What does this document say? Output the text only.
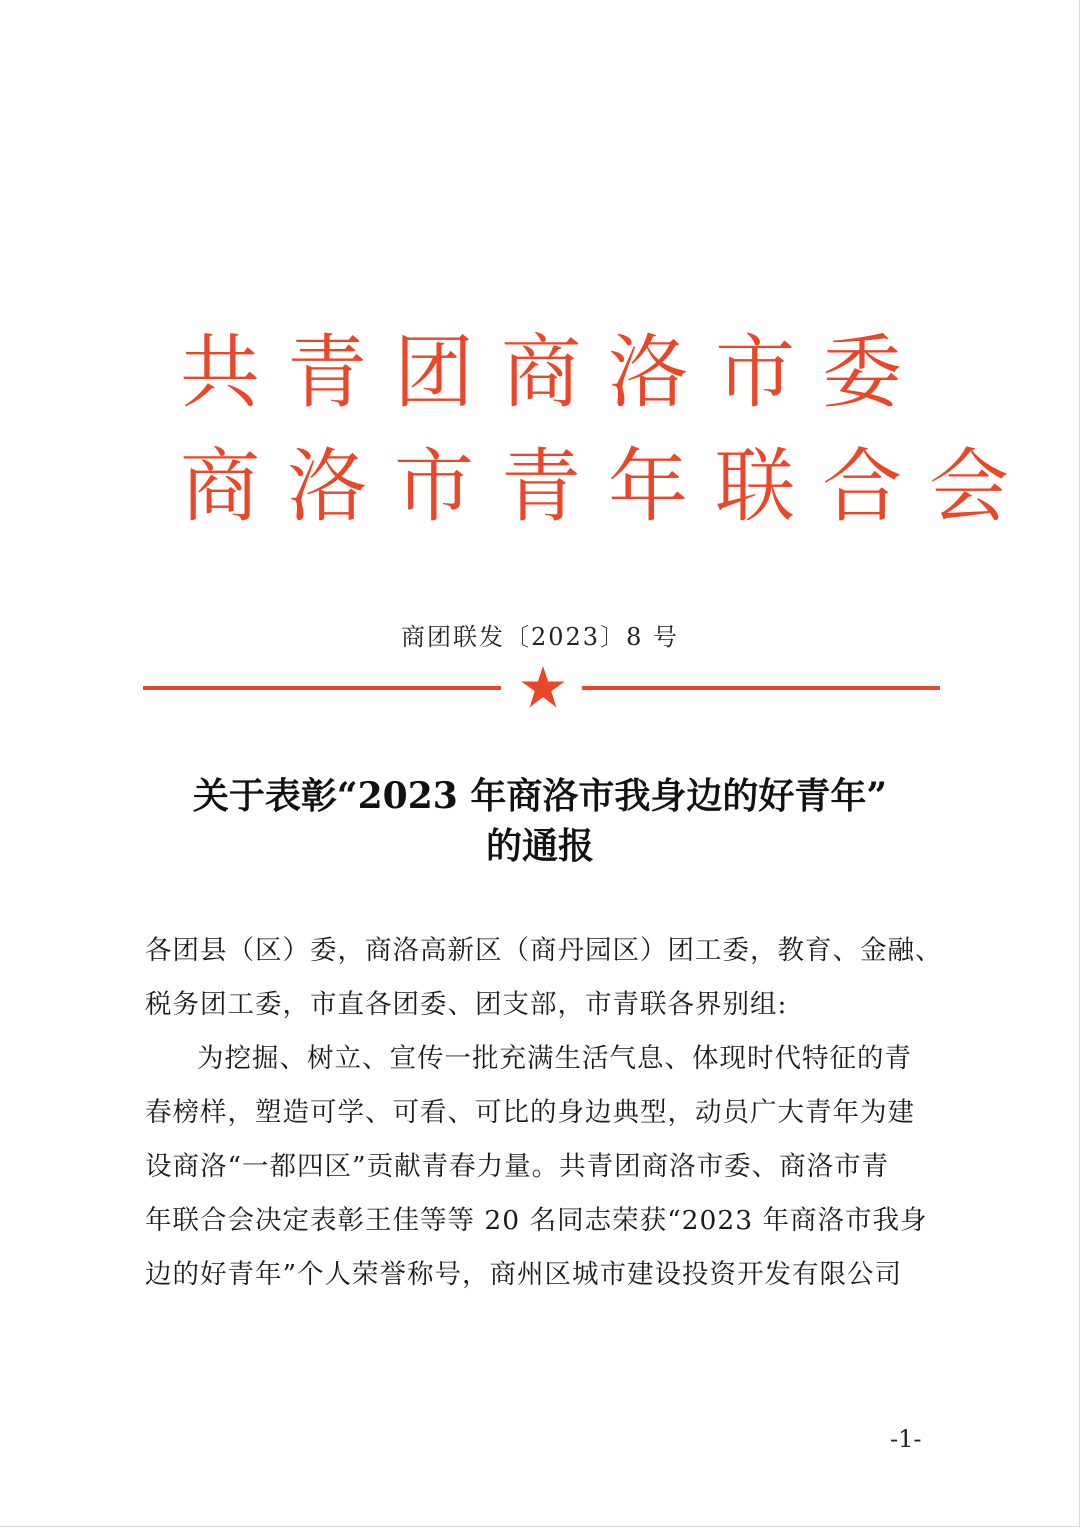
共青团商洛市委
商洛市青年联合会
商团联发〔2023〕8 号
关于表彰“2023 年商洛市我身边的好青年”
的通报
各团县（区）委，商洛高新区（商丹园区）团工委，教育、金融、
税务团工委，市直各团委、团支部，市青联各界别组:
为挖掘、树立、宣传一批充满生活气息、体现时代特征的青
春榜样，塑造可学、可看、可比的身边典型，动员广大青年为建
设商洛“一都四区”贡献青春力量。共青团商洛市委、商洛市青
年联合会决定表彰王佳等等 20 名同志荣获“2023 年商洛市我身
边的好青年”个人荣誉称号，商州区城市建设投资开发有限公司
-1-
